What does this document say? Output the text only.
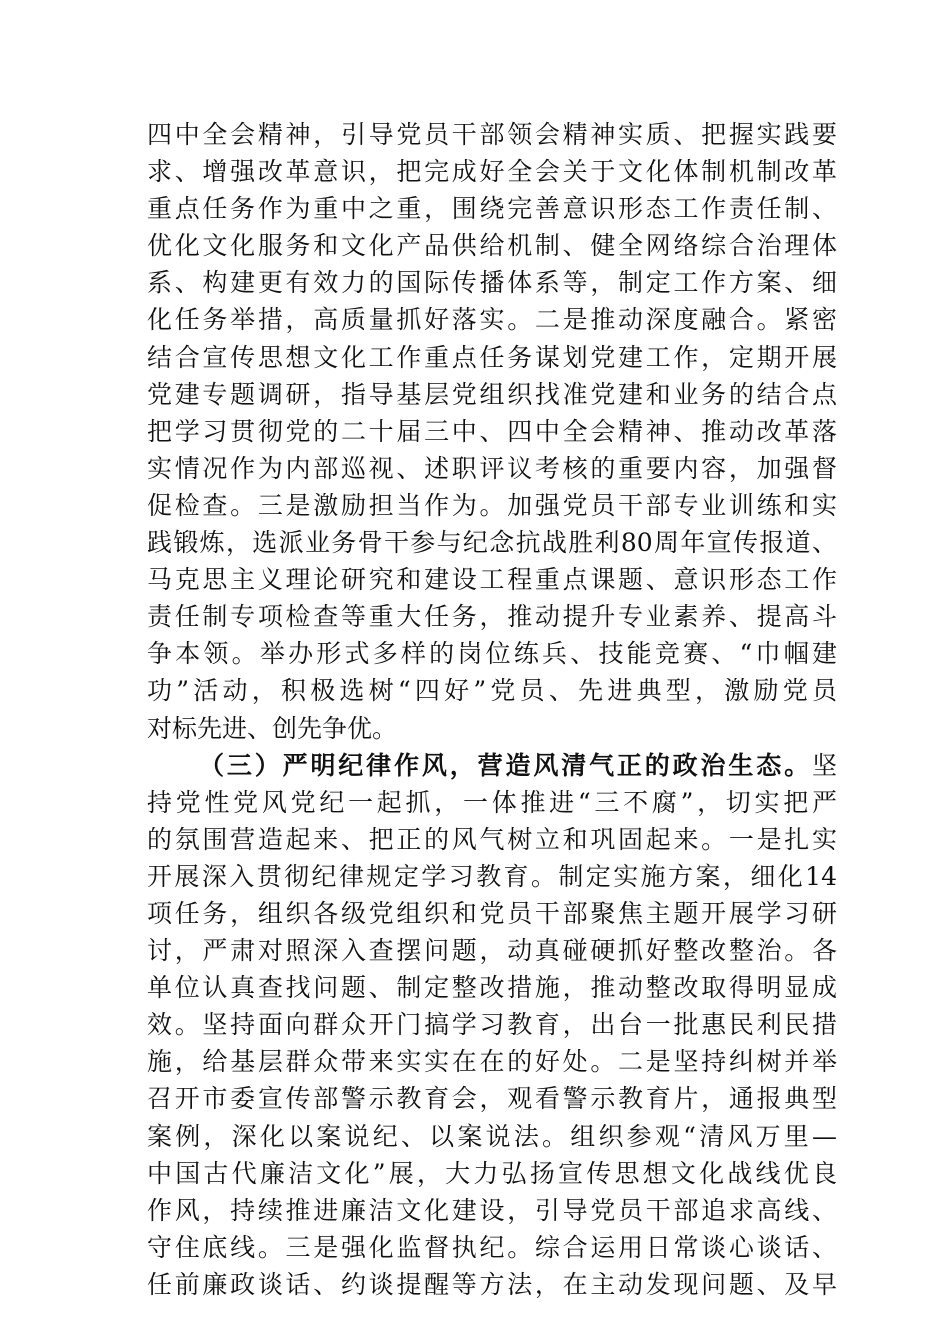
四中全会精神，引导党员干部领会精神实质、把握实践要
求、增强改革意识，把完成好全会关于文化体制机制改革
重点任务作为重中之重，围绕完善意识形态工作责任制、
优化文化服务和文化产品供给机制、健全网络综合治理体
系、构建更有效力的国际传播体系等，制定工作方案、细
化任务举措，高质量抓好落实。二是推动深度融合。紧密
结合宣传思想文化工作重点任务谋划党建工作，定期开展
党建专题调研，指导基层党组织找准党建和业务的结合点
把学习贯彻党的二十届三中、四中全会精神、推动改革落
实情况作为内部巡视、述职评议考核的重要内容，加强督
促检查。三是激励担当作为。加强党员干部专业训练和实
践锻炼，选派业务骨干参与纪念抗战胜利80周年宣传报道、
马克思主义理论研究和建设工程重点课题、意识形态工作
责任制专项检查等重大任务，推动提升专业素养、提高斗
争本领。举办形式多样的岗位练兵、技能竞赛、“巾帼建
功”活动，积极选树“四好”党员、先进典型，激励党员
对标先进、创先争优。
（三）严明纪律作风，营造风清气正的政治生态。坚
持党性党风党纪一起抓，一体推进“三不腐”，切实把严
的氛围营造起来、把正的风气树立和巩固起来。一是扎实
开展深入贯彻纪律规定学习教育。制定实施方案，细化14
项任务，组织各级党组织和党员干部聚焦主题开展学习研
讨，严肃对照深入查摆问题，动真碰硬抓好整改整治。各
单位认真查找问题、制定整改措施，推动整改取得明显成
效。坚持面向群众开门搞学习教育，出台一批惠民利民措
施，给基层群众带来实实在在的好处。二是坚持纠树并举
召开市委宣传部警示教育会，观看警示教育片，通报典型
案例，深化以案说纪、以案说法。组织参观“清风万里—
中国古代廉洁文化”展，大力弘扬宣传思想文化战线优良
作风，持续推进廉洁文化建设，引导党员干部追求高线、
守住底线。三是强化监督执纪。综合运用日常谈心谈话、
任前廉政谈话、约谈提醒等方法，在主动发现问题、及早
